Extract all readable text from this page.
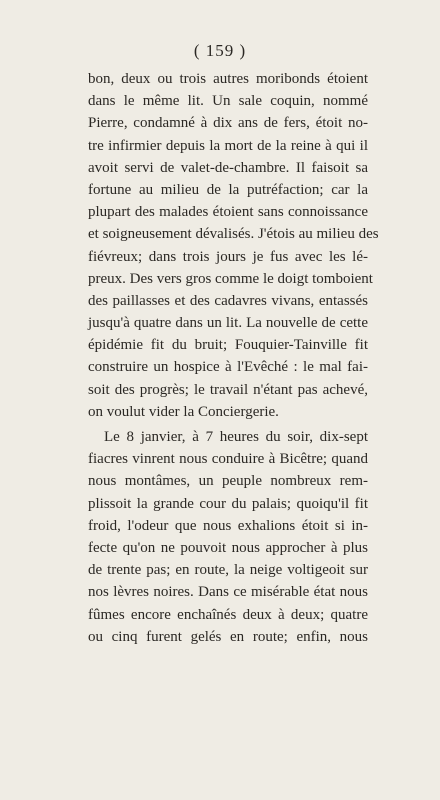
( 159 )
bon, deux ou trois autres moribonds étoient
dans le même lit. Un sale coquin, nommé
Pierre, condamné à dix ans de fers, étoit no-
tre infirmier depuis la mort de la reine à qui il
avoit servi de valet-de-chambre. Il faisoit sa
fortune au milieu de la putréfaction; car la
plupart des malades étoient sans connoissance
et soigneusement dévalisés. J'étois au milieu des
fiévreux; dans trois jours je fus avec les lé-
preux. Des vers gros comme le doigt tomboient
des paillasses et des cadavres vivans, entassés
jusqu'à quatre dans un lit. La nouvelle de cette
épidémie fit du bruit; Fouquier-Tainville fit
construire un hospice à l'Evêché : le mal fai-
soit des progrès; le travail n'étant pas achevé,
on voulut vider la Conciergerie.
Le 8 janvier, à 7 heures du soir, dix-sept
fiacres vinrent nous conduire à Bicêtre; quand
nous montâmes, un peuple nombreux rem-
plissoit la grande cour du palais; quoiqu'il fit
froid, l'odeur que nous exhalions étoit si in-
fecte qu'on ne pouvoit nous approcher à plus
de trente pas; en route, la neige voltigeoit sur
nos lèvres noires. Dans ce misérable état nous
fûmes encore enchaînés deux à deux; quatre
ou cinq furent gelés en route; enfin, nous
